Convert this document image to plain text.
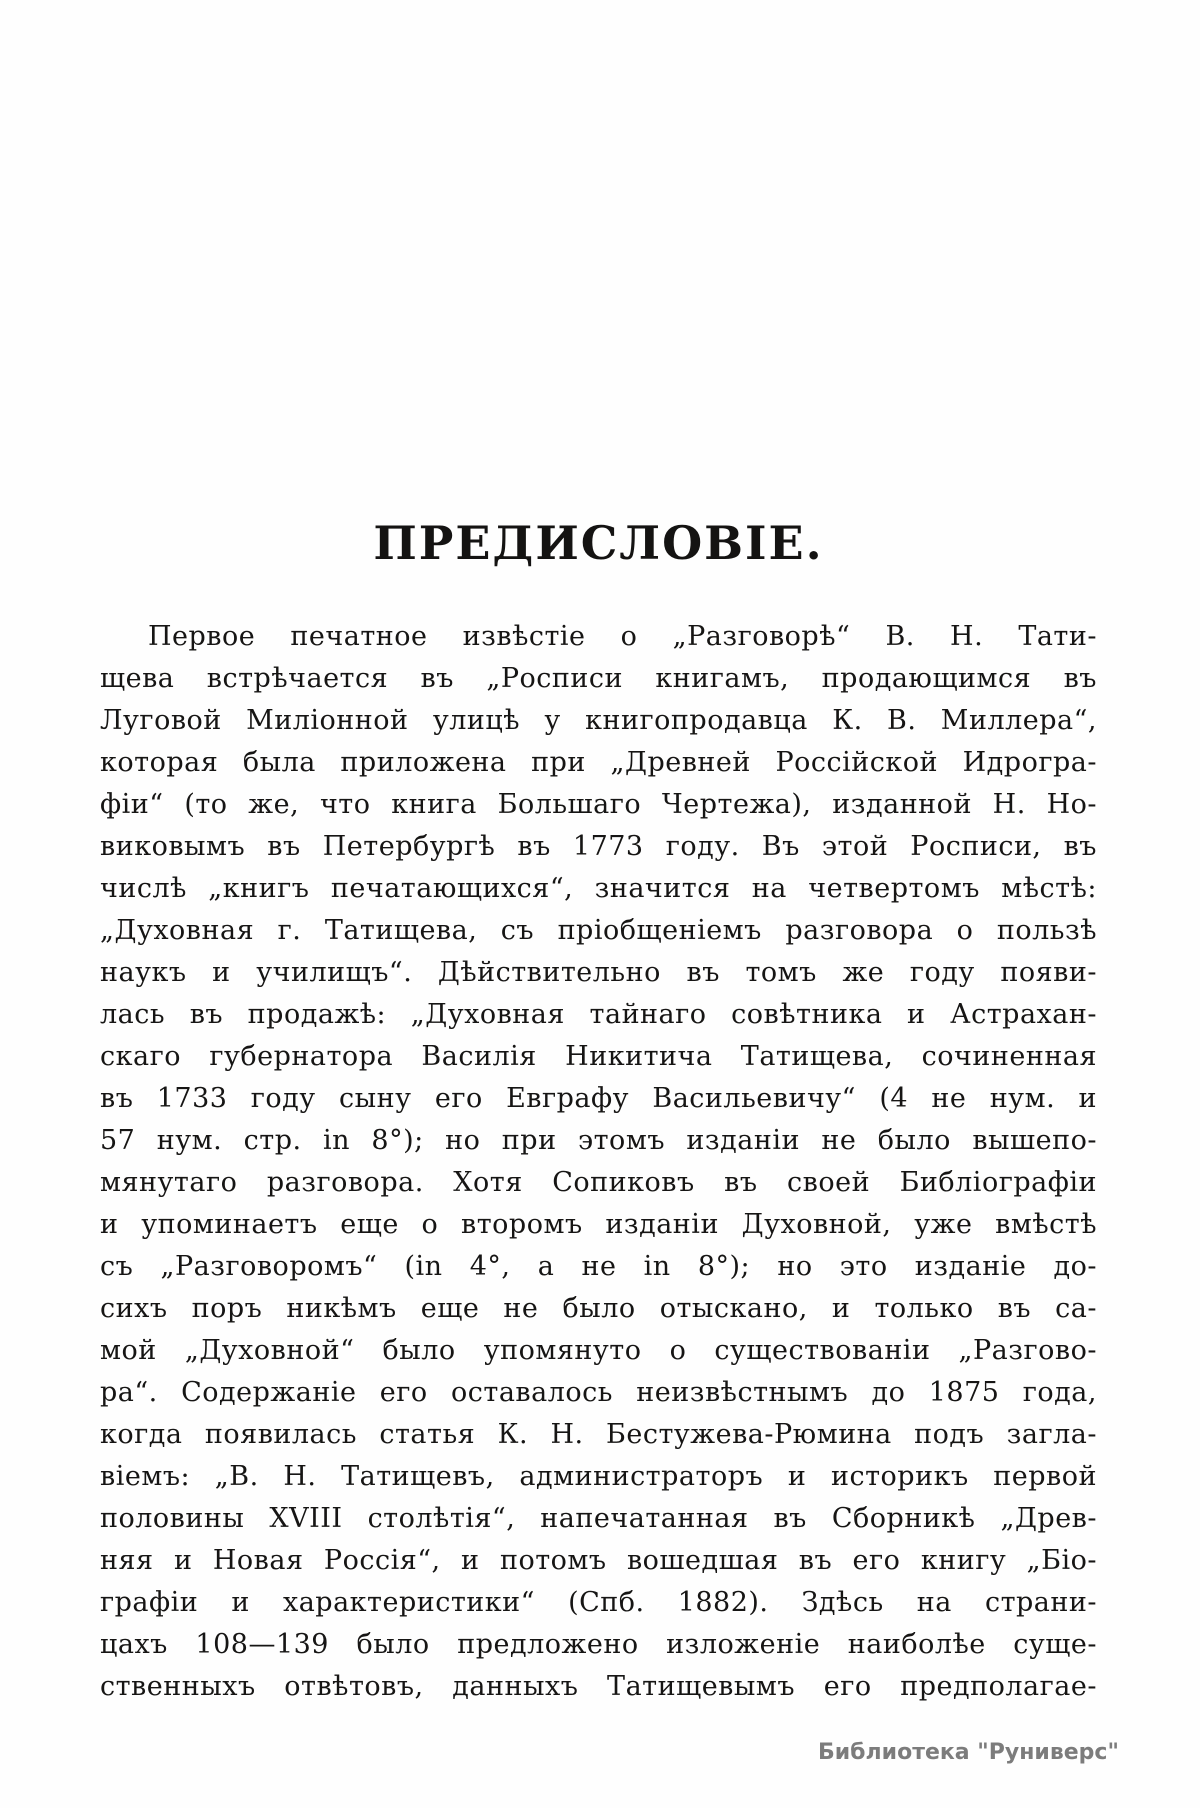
ПРЕДИСЛОВІЕ.
Первое печатное извѣстіе о „Разговорѣ“ В. Н. Тати-
щева встрѣчается въ „Росписи книгамъ, продающимся въ
Луговой Миліонной улицѣ у книгопродавца К. В. Миллера“,
которая была приложена при „Древней Россійской Идрогра-
фіи“ (то же, что книга Большаго Чертежа), изданной Н. Но-
виковымъ въ Петербургѣ въ 1773 году. Въ этой Росписи, въ
числѣ „книгъ печатающихся“, значится на четвертомъ мѣстѣ:
„Духовная г. Татищева, съ пріобщеніемъ разговора о пользѣ
наукъ и училищъ“. Дѣйствительно въ томъ же году появи-
лась въ продажѣ: „Духовная тайнаго совѣтника и Астрахан-
скаго губернатора Василія Никитича Татищева, сочиненная
въ 1733 году сыну его Евграфу Васильевичу“ (4 не нум. и
57 нум. стр. in 8°); но при этомъ изданіи не было вышепо-
мянутаго разговора. Хотя Сопиковъ въ своей Библіографіи
и упоминаетъ еще о второмъ изданіи Духовной, уже вмѣстѣ
съ „Разговоромъ“ (in 4°, а не in 8°); но это изданіе до-
сихъ поръ никѣмъ еще не было отыскано, и только въ са-
мой „Духовной“ было упомянуто о существованіи „Разгово-
ра“. Содержаніе его оставалось неизвѣстнымъ до 1875 года,
когда появилась статья К. Н. Бестужева-Рюмина подъ загла-
віемъ: „В. Н. Татищевъ, администраторъ и историкъ первой
половины XVIII столѣтія“, напечатанная въ Сборникѣ „Древ-
няя и Новая Россія“, и потомъ вошедшая въ его книгу „Біо-
графіи и характеристики“ (Спб. 1882). Здѣсь на страни-
цахъ 108—139 было предложено изложеніе наиболѣе суще-
ственныхъ отвѣтовъ, данныхъ Татищевымъ его предполагае-
Библиотека "Руниверс"
